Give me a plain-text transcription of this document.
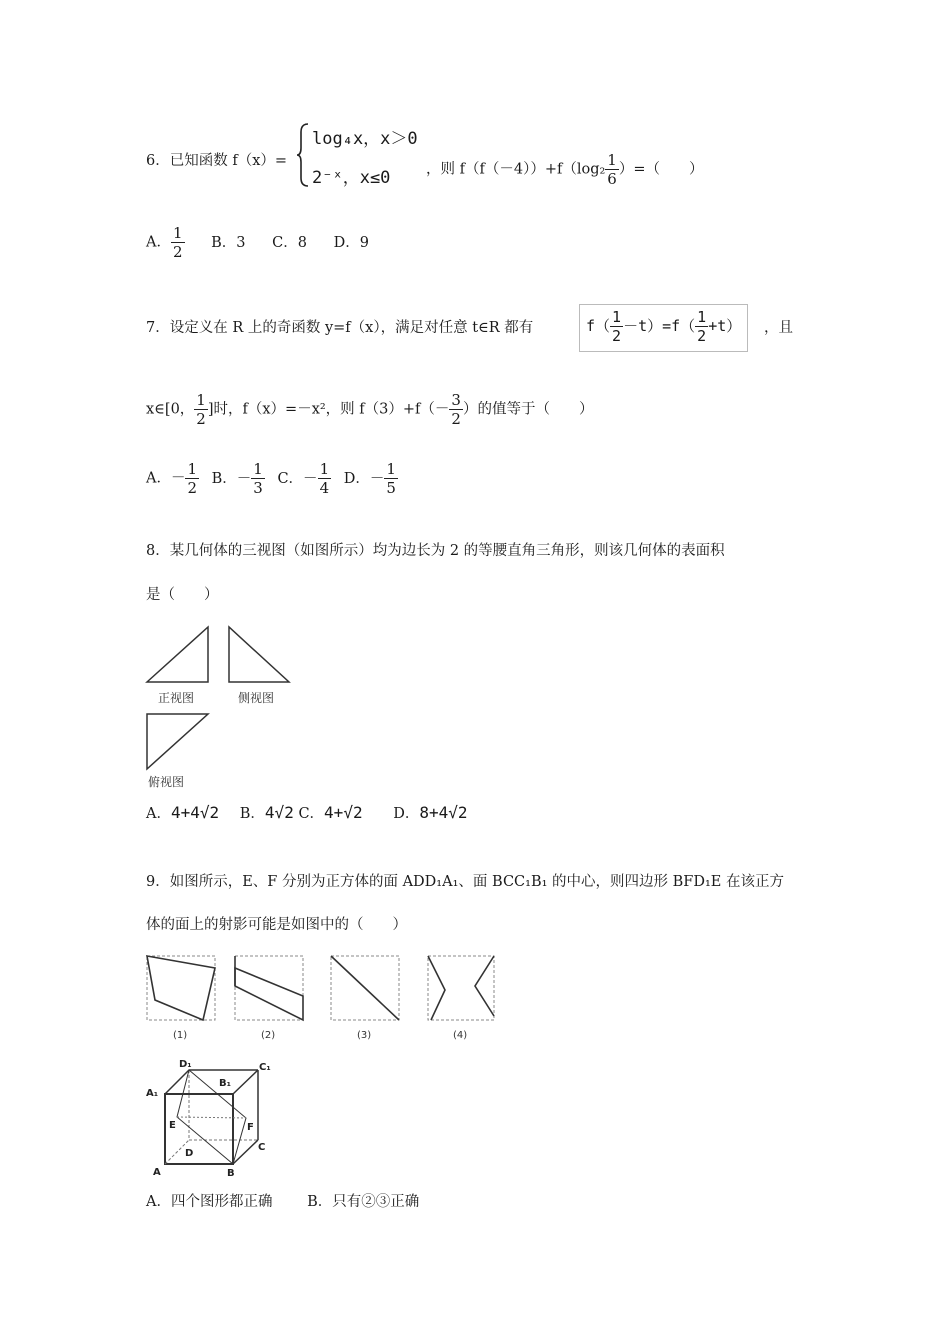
6．已知函数 f（x）=
log₄x，x＞0
2⁻ˣ，x≤0 ，则 $f(f(-4))+f(\log_2 \frac{1}{6}$ ）=（　　）
A． $\frac{1}{2}$ B．3 C．8 D．9
7．设定义在 R 上的奇函数 y=f（x），满足对任意 t∈R 都有	$f( \frac{1}{2} -t)=f( \frac{1}{2} +t)$	，且
x∈[0， $\frac{1}{2}$ ]时，f（x）=－x²，则 $f(3)+f(- \frac{3}{2}$ ）的值等于（　　）
A．－ $\frac{1}{2}$ B．－ $\frac{1}{3}$ C．－ $\frac{1}{4}$ D．－ $\frac{1}{5}$
8．某几何体的三视图（如图所示）均为边长为 2 的等腰直角三角形，则该几何体的表面积
是（　　）
正视图	侧视图
俯视图
A．4+4√2 B．4√2 C．4+√2 D．8+4√2
9．如图所示，E、F 分别为正方体的面 ADD₁A₁、面 BCC₁B₁ 的中心，则四边形 BFD₁E 在该正方
体的面上的射影可能是如图中的（　　）
(1)	(2)	(3)	(4)
D₁	C₁
A₁
B₁
E	F
A	B
C
D
A．四个图形都正确 B．只有②③正确
